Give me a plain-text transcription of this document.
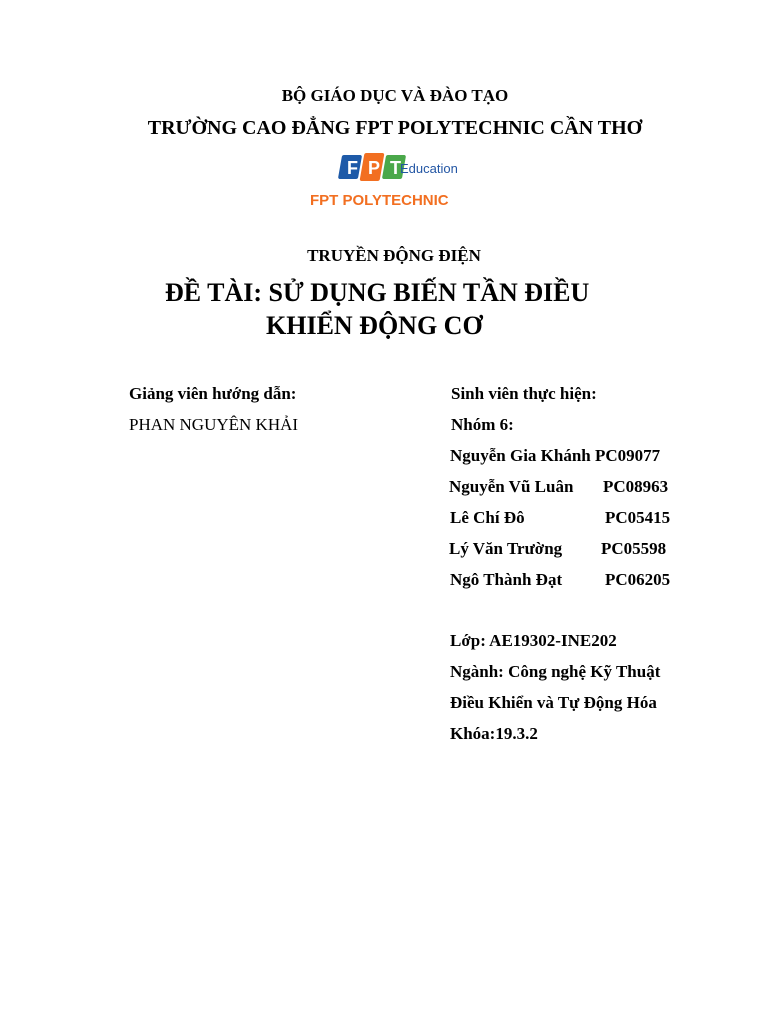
BỘ GIÁO DỤC VÀ ĐÀO TẠO
TRƯỜNG CAO ĐẲNG FPT POLYTECHNIC CẦN THƠ
F P T Education
FPT POLYTECHNIC
TRUYỀN ĐỘNG ĐIỆN
ĐỀ TÀI: SỬ DỤNG BIẾN TẦN ĐIỀU
KHIỂN ĐỘNG CƠ
Giảng viên hướng dẫn:
PHAN NGUYÊN KHẢI
Sinh viên thực hiện:
Nhóm 6:
Nguyễn Gia Khánh PC09077
Nguyễn Vũ Luân PC08963
Lê Chí Đô	PC05415
Lý Văn Trường PC05598
Ngô Thành Đạt	PC06205
Lớp: AE19302-INE202
Ngành: Công nghệ Kỹ Thuật
Điều Khiển và Tự Động Hóa
Khóa:19.3.2
